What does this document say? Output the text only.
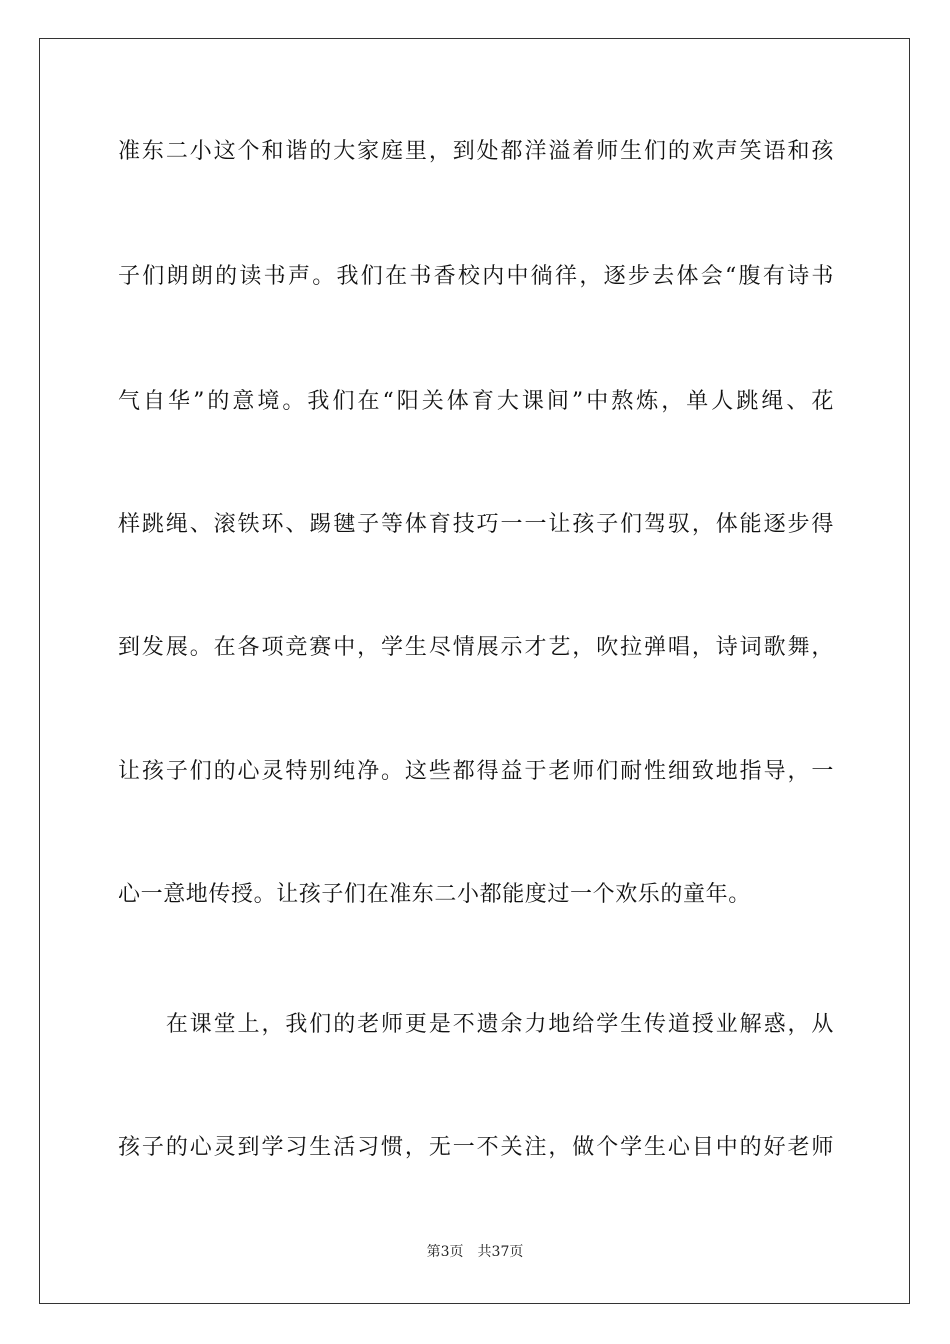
准东二小这个和谐的大家庭里，到处都洋溢着师生们的欢声笑语和孩
子们朗朗的读书声。我们在书香校内中徜徉，逐步去体会“腹有诗书
气自华”的意境。我们在“阳关体育大课间”中熬炼，单人跳绳、花
样跳绳、滚铁环、踢毽子等体育技巧一一让孩子们驾驭，体能逐步得
到发展。在各项竞赛中，学生尽情展示才艺，吹拉弹唱，诗词歌舞，
让孩子们的心灵特别纯净。这些都得益于老师们耐性细致地指导，一
心一意地传授。让孩子们在准东二小都能度过一个欢乐的童年。
　　在课堂上，我们的老师更是不遗余力地给学生传道授业解惑，从
孩子的心灵到学习生活习惯，无一不关注，做个学生心目中的好老师
第3页 共37页
